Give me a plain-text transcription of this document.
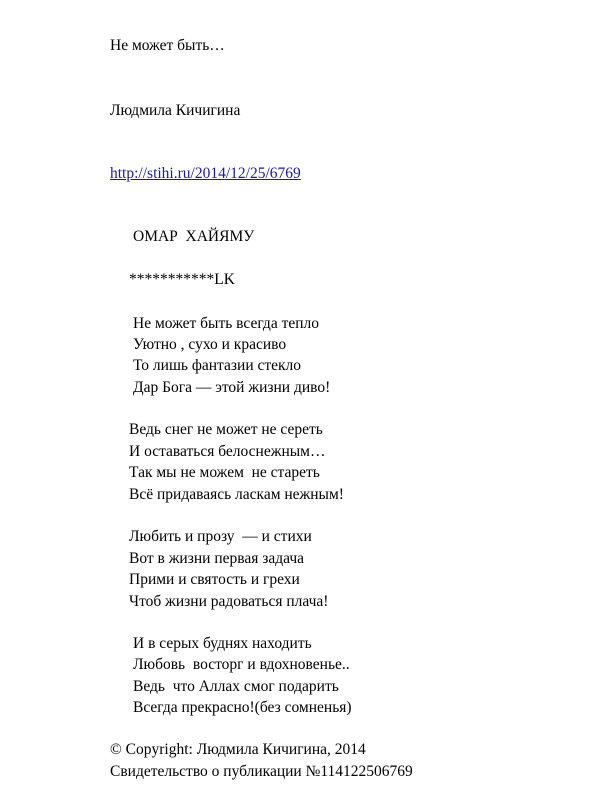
Не может быть…
Людмила Кичигина
http://stihi.ru/2014/12/25/6769
ОМАР  ХАЙЯМУ
***********LK
Не может быть всегда тепло
Уютно , сухо и красиво
То лишь фантазии стекло
Дар Бога — этой жизни диво!
Ведь снег не может не сереть
И оставаться белоснежным…
Так мы не можем  не стареть
Всё придаваясь ласкам нежным!
Любить и прозу  — и стихи
Вот в жизни первая задача
Прими и святость и грехи
Чтоб жизни радоваться плача!
И в серых буднях находить
Любовь  восторг и вдохновенье..
Ведь  что Аллах смог подарить
Всегда прекрасно!(без сомненья)
© Copyright: Людмила Кичигина, 2014
Свидетельство о публикации №114122506769
